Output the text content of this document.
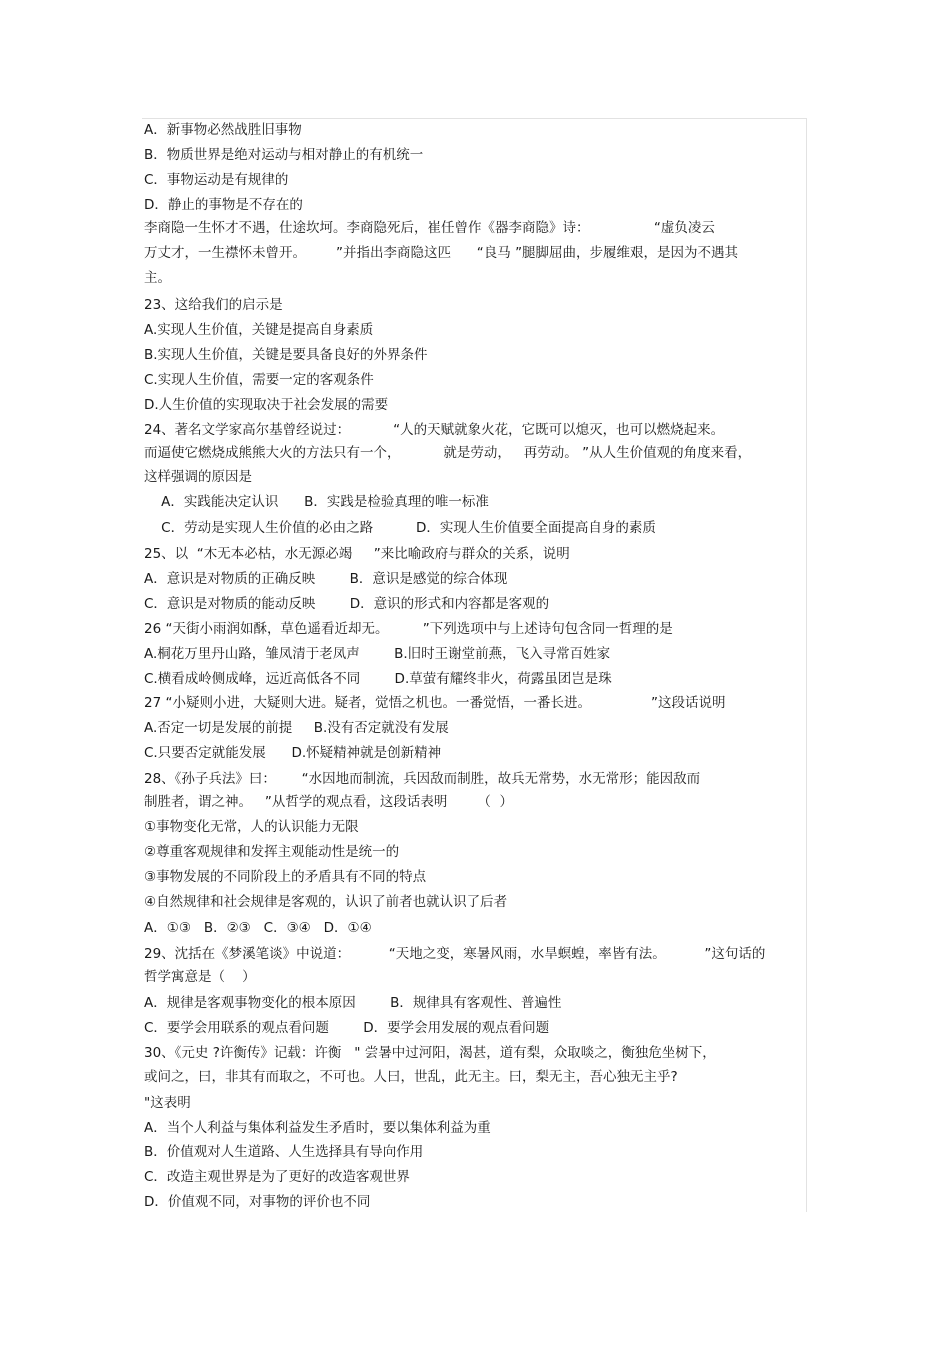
A．新事物必然战胜旧事物
B．物质世界是绝对运动与相对静止的有机统一
C．事物运动是有规律的
D．静止的事物是不存在的
李商隐一生怀才不遇，仕途坎坷。李商隐死后，崔任曾作《器李商隐》诗：               “虚负凌云
万丈才，一生襟怀未曾开。       ”并指出李商隐这匹      “良马 ”腿脚屈曲，步履维艰，是因为不遇其
主。
23、这给我们的启示是
A.实现人生价值，关键是提高自身素质
B.实现人生价值，关键是要具备良好的外界条件
C.实现人生价值，需要一定的客观条件
D.人生价值的实现取决于社会发展的需要
24、著名文学家高尔基曾经说过：          “人的天赋就象火花，它既可以熄灭，也可以燃烧起来。
而逼使它燃烧成熊熊大火的方法只有一个，          就是劳动，   再劳动。 ”从人生价值观的角度来看，
这样强调的原因是
A．实践能决定认识      B．实践是检验真理的唯一标准
C．劳动是实现人生价值的必由之路          D．实现人生价值要全面提高自身的素质
25、以  “木无本必枯，水无源必竭     ”来比喻政府与群众的关系，说明
A．意识是对物质的正确反映        B．意识是感觉的综合体现
C．意识是对物质的能动反映        D．意识的形式和内容都是客观的
26 “天街小雨润如酥，草色遥看近却无。        ”下列选项中与上述诗句包含同一哲理的是
A.桐花万里丹山路，雏凤清于老凤声        B.旧时王谢堂前燕，飞入寻常百姓家
C.横看成岭侧成峰，远近高低各不同        D.草萤有耀终非火，荷露虽团岂是珠
27 “小疑则小进，大疑则大进。疑者，觉悟之机也。一番觉悟，一番长进。              ”这段话说明
A.否定一切是发展的前提     B.没有否定就没有发展
C.只要否定就能发展      D.怀疑精神就是创新精神
28、《孙子兵法》曰：      “水因地而制流，兵因敌而制胜，故兵无常势，水无常形；能因敌而
制胜者，谓之神。   ”从哲学的观点看，这段话表明       （  ）
①事物变化无常，人的认识能力无限
②尊重客观规律和发挥主观能动性是统一的
③事物发展的不同阶段上的矛盾具有不同的特点
④自然规律和社会规律是客观的，认识了前者也就认识了后者
A．①③   B．②③   C．③④   D．①④
29、沈括在《梦溪笔谈》中说道：         “天地之变，寒暑风雨，水旱螟蝗，率皆有法。         ”这句话的
哲学寓意是（    ）
A．规律是客观事物变化的根本原因        B．规律具有客观性、普遍性
C．要学会用联系的观点看问题        D．要学会用发展的观点看问题
30、《元史 ?许衡传》记载：许衡   " 尝暑中过河阳，渴甚，道有梨，众取啖之，衡独危坐树下，
或问之，曰，非其有而取之，不可也。人曰，世乱，此无主。曰，梨无主，吾心独无主乎?
"这表明
A．当个人利益与集体利益发生矛盾时，要以集体利益为重
B．价值观对人生道路、人生选择具有导向作用
C．改造主观世界是为了更好的改造客观世界
D．价值观不同，对事物的评价也不同
